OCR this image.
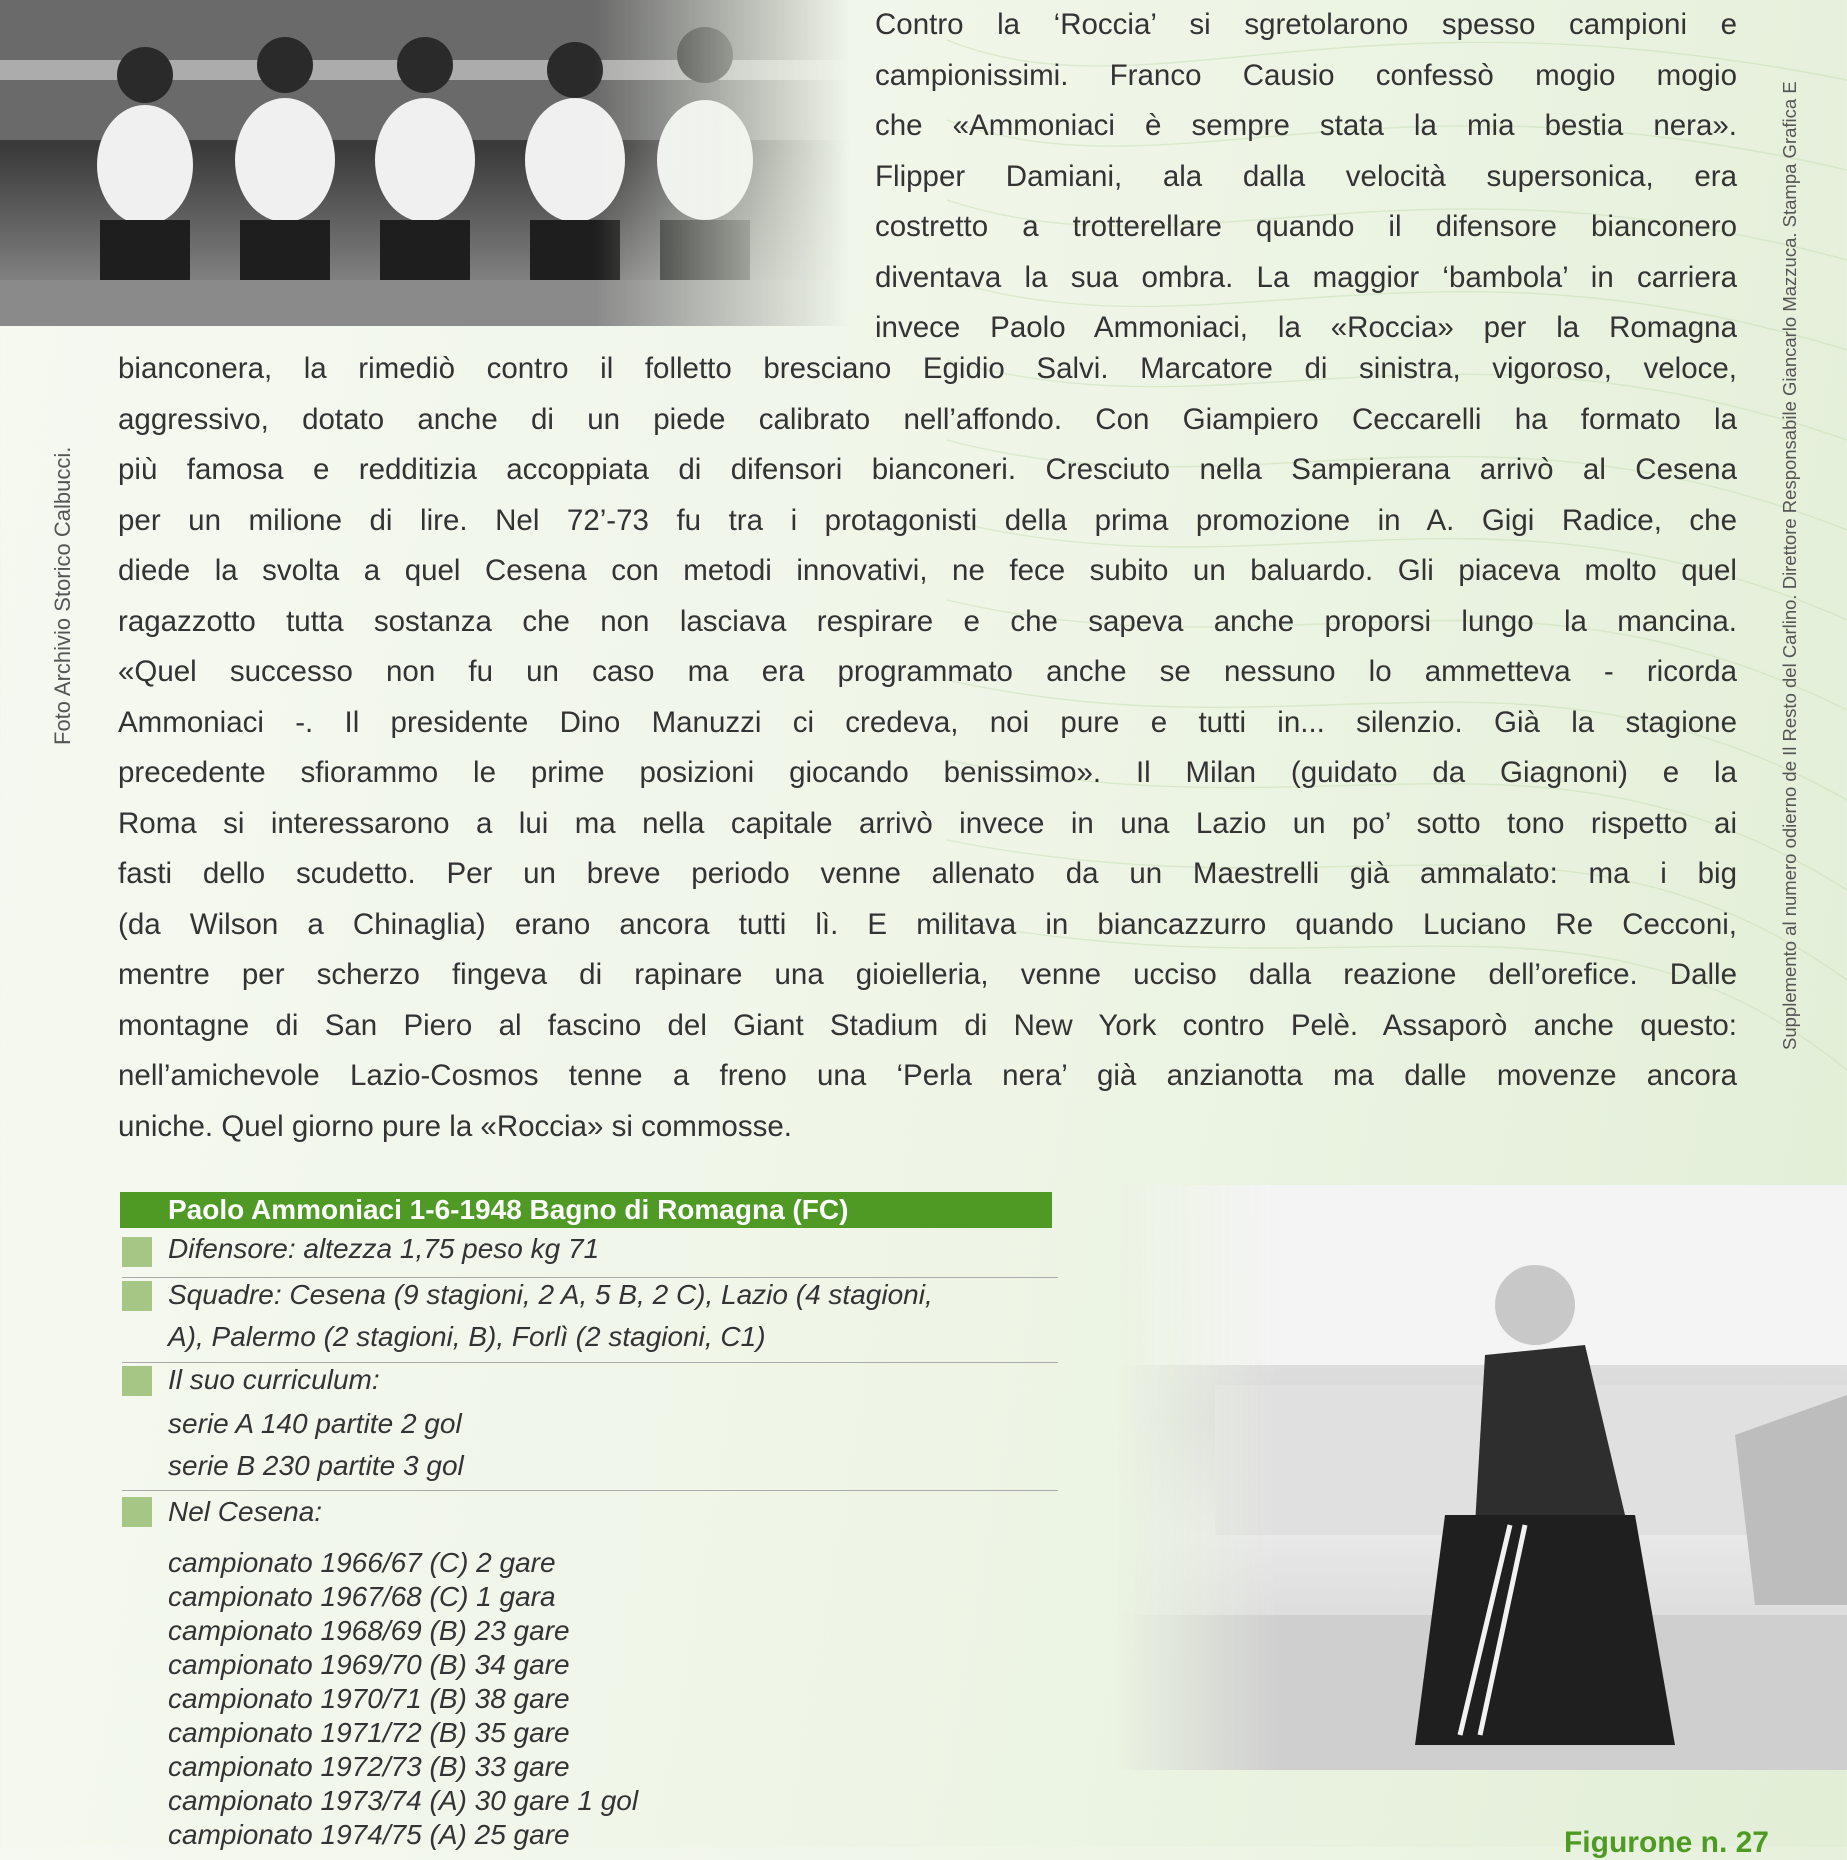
Contro la ‘Roccia’ si sgretolarono spesso campioni e
campionissimi. Franco Causio confessò mogio mogio
che «Ammoniaci è sempre stata la mia bestia nera».
Flipper Damiani, ala dalla velocità supersonica, era
costretto a trotterellare quando il difensore bianconero
diventava la sua ombra. La maggior ‘bambola’ in carriera
invece Paolo Ammoniaci, la «Roccia» per la Romagna
bianconera, la rimediò contro il folletto bresciano Egidio Salvi. Marcatore di sinistra, vigoroso, veloce,
aggressivo, dotato anche di un piede calibrato nell’affondo. Con Giampiero Ceccarelli ha formato la
più famosa e redditizia accoppiata di difensori bianconeri. Cresciuto nella Sampierana arrivò al Cesena
per un milione di lire. Nel 72’-73 fu tra i protagonisti della prima promozione in A. Gigi Radice, che
diede la svolta a quel Cesena con metodi innovativi, ne fece subito un baluardo. Gli piaceva molto quel
ragazzotto tutta sostanza che non lasciava respirare e che sapeva anche proporsi lungo la mancina.
«Quel successo non fu un caso ma era programmato anche se nessuno lo ammetteva - ricorda
Ammoniaci -. Il presidente Dino Manuzzi ci credeva, noi pure e tutti in... silenzio. Già la stagione
precedente sfiorammo le prime posizioni giocando benissimo». Il Milan (guidato da Giagnoni) e la
Roma si interessarono a lui ma nella capitale arrivò invece in una Lazio un po’ sotto tono rispetto ai
fasti dello scudetto. Per un breve periodo venne allenato da un Maestrelli già ammalato: ma i big
(da Wilson a Chinaglia) erano ancora tutti lì. E militava in biancazzurro quando Luciano Re Cecconi,
mentre per scherzo fingeva di rapinare una gioielleria, venne ucciso dalla reazione dell’orefice. Dalle
montagne di San Piero al fascino del Giant Stadium di New York contro Pelè. Assaporò anche questo:
nell’amichevole Lazio-Cosmos tenne a freno una ‘Perla nera’ già anzianotta ma dalle movenze ancora
uniche. Quel giorno pure la «Roccia» si commosse.
Foto Archivio Storico Calbucci.	Supplemento al numero odierno de Il Resto del Carlino. Direttore Responsabile Giancarlo Mazzuca. Stampa Grafica E
Paolo Ammoniaci 1-6-1948 Bagno di Romagna (FC)
Difensore: altezza 1,75 peso kg 71
Squadre: Cesena (9 stagioni, 2 A, 5 B, 2 C), Lazio (4 stagioni,
A), Palermo (2 stagioni, B), Forlì (2 stagioni, C1)
Il suo curriculum:
serie A 140 partite 2 gol
serie B 230 partite 3 gol
Nel Cesena:
campionato 1966/67 (C) 2 gare
campionato 1967/68 (C) 1 gara
campionato 1968/69 (B) 23 gare
campionato 1969/70 (B) 34 gare
campionato 1970/71 (B) 38 gare
campionato 1971/72 (B) 35 gare
campionato 1972/73 (B) 33 gare
campionato 1973/74 (A) 30 gare 1 gol
campionato 1974/75 (A) 25 gare	Figurone n. 27
